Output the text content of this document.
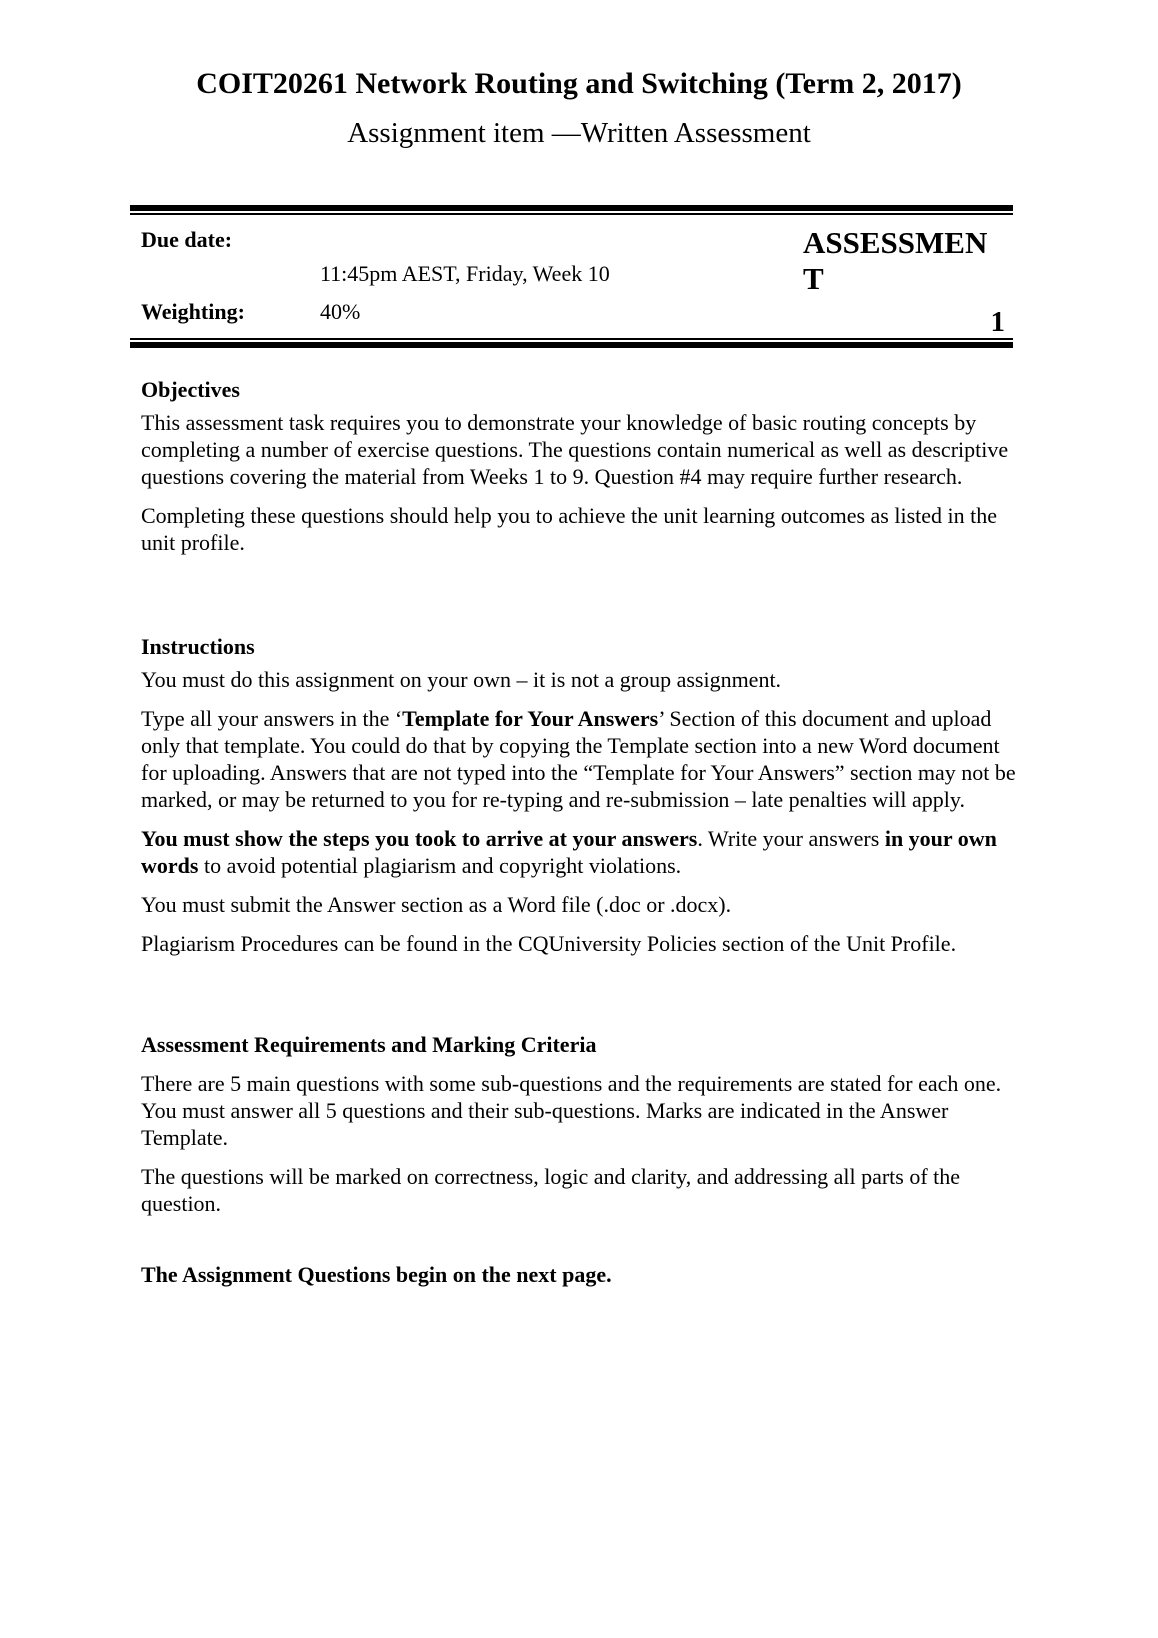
COIT20261 Network Routing and Switching (Term 2, 2017)
Assignment item —Written Assessment
Due date:
11:45pm AEST, Friday, Week 10
Weighting:	40%
ASSESSMENT
1
Objectives

This assessment task requires you to demonstrate your knowledge of basic routing concepts by completing a number of exercise questions. The questions contain numerical as well as descriptive questions covering the material from Weeks 1 to 9. Question #4 may require further research.

Completing these questions should help you to achieve the unit learning outcomes as listed in the unit profile.

Instructions

You must do this assignment on your own – it is not a group assignment.

Type all your answers in the ‘Template for Your Answers’ Section of this document and upload only that template. You could do that by copying the Template section into a new Word document for uploading. Answers that are not typed into the “Template for Your Answers” section may not be marked, or may be returned to you for re-typing and re-submission – late penalties will apply.

You must show the steps you took to arrive at your answers. Write your answers in your own words to avoid potential plagiarism and copyright violations.

You must submit the Answer section as a Word file (.doc or .docx).

Plagiarism Procedures can be found in the CQUniversity Policies section of the Unit Profile.

Assessment Requirements and Marking Criteria

There are 5 main questions with some sub-questions and the requirements are stated for each one. You must answer all 5 questions and their sub-questions. Marks are indicated in the Answer Template.

The questions will be marked on correctness, logic and clarity, and addressing all parts of the question.

The Assignment Questions begin on the next page.
